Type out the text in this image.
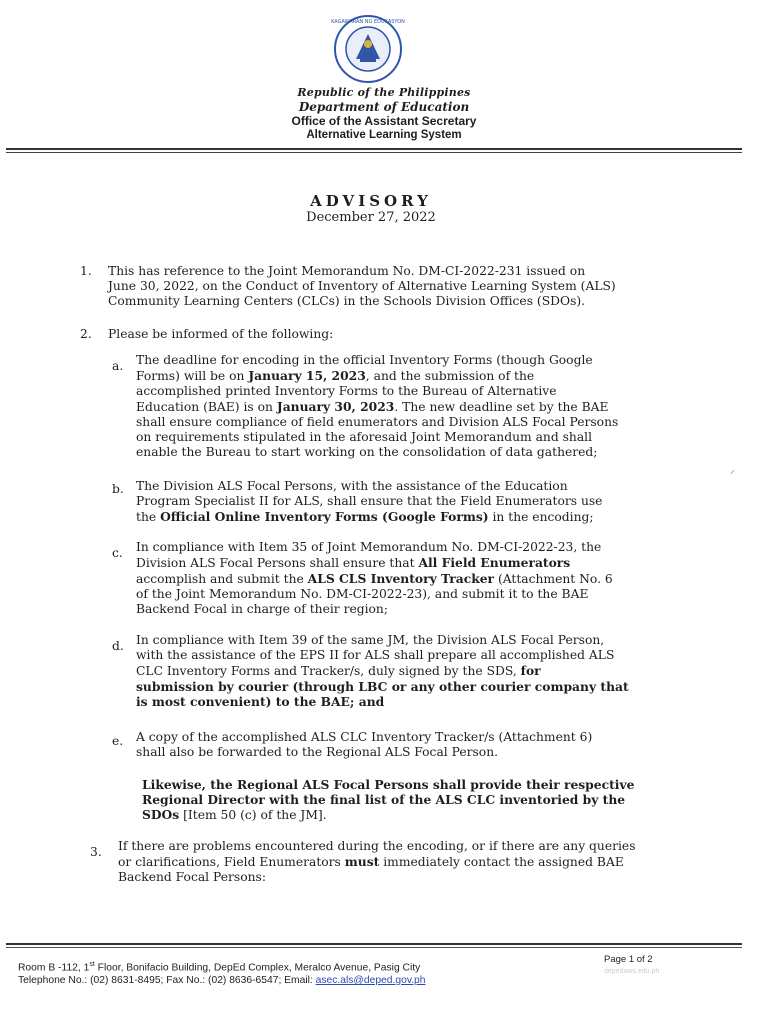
KAGAWARAN NG EDUKASYON
Republic of the Philippines
Department of Education
Office of the Assistant Secretary
Alternative Learning System
ADVISORY
December 27, 2022
1. This has reference to the Joint Memorandum No. DM-CI-2022-231 issued on
June 30, 2022, on the Conduct of Inventory of Alternative Learning System (ALS)
Community Learning Centers (CLCs) in the Schools Division Offices (SDOs).
2. Please be informed of the following:
a. The deadline for encoding in the official Inventory Forms (though Google
Forms) will be on January 15, 2023, and the submission of the
accomplished printed Inventory Forms to the Bureau of Alternative
Education (BAE) is on January 30, 2023. The new deadline set by the BAE
shall ensure compliance of field enumerators and Division ALS Focal Persons
on requirements stipulated in the aforesaid Joint Memorandum and shall
enable the Bureau to start working on the consolidation of data gathered;
⸝
b. The Division ALS Focal Persons, with the assistance of the Education
Program Specialist II for ALS, shall ensure that the Field Enumerators use
the Official Online Inventory Forms (Google Forms) in the encoding;
c. In compliance with Item 35 of Joint Memorandum No. DM-CI-2022-23, the
Division ALS Focal Persons shall ensure that All Field Enumerators
accomplish and submit the ALS CLS Inventory Tracker (Attachment No. 6
of the Joint Memorandum No. DM-CI-2022-23), and submit it to the BAE
Backend Focal in charge of their region;
d. In compliance with Item 39 of the same JM, the Division ALS Focal Person,
with the assistance of the EPS II for ALS shall prepare all accomplished ALS
CLC Inventory Forms and Tracker/s, duly signed by the SDS, for
submission by courier (through LBC or any other courier company that
is most convenient) to the BAE; and
e. A copy of the accomplished ALS CLC Inventory Tracker/s (Attachment 6)
shall also be forwarded to the Regional ALS Focal Person.
Likewise, the Regional ALS Focal Persons shall provide their respective
Regional Director with the final list of the ALS CLC inventoried by the
SDOs [Item 50 (c) of the JM].
3. If there are problems encountered during the encoding, or if there are any queries
or clarifications, Field Enumerators must immediately contact the assigned BAE
Backend Focal Persons:
Room B -112, 1st Floor, Bonifacio Building, DepEd Complex, Meralco Avenue, Pasig City
Telephone No.: (02) 8631-8495; Fax No.: (02) 8636-6547; Email: asec.als@deped.gov.ph
Page 1 of 2
depedaws.edu.ph
